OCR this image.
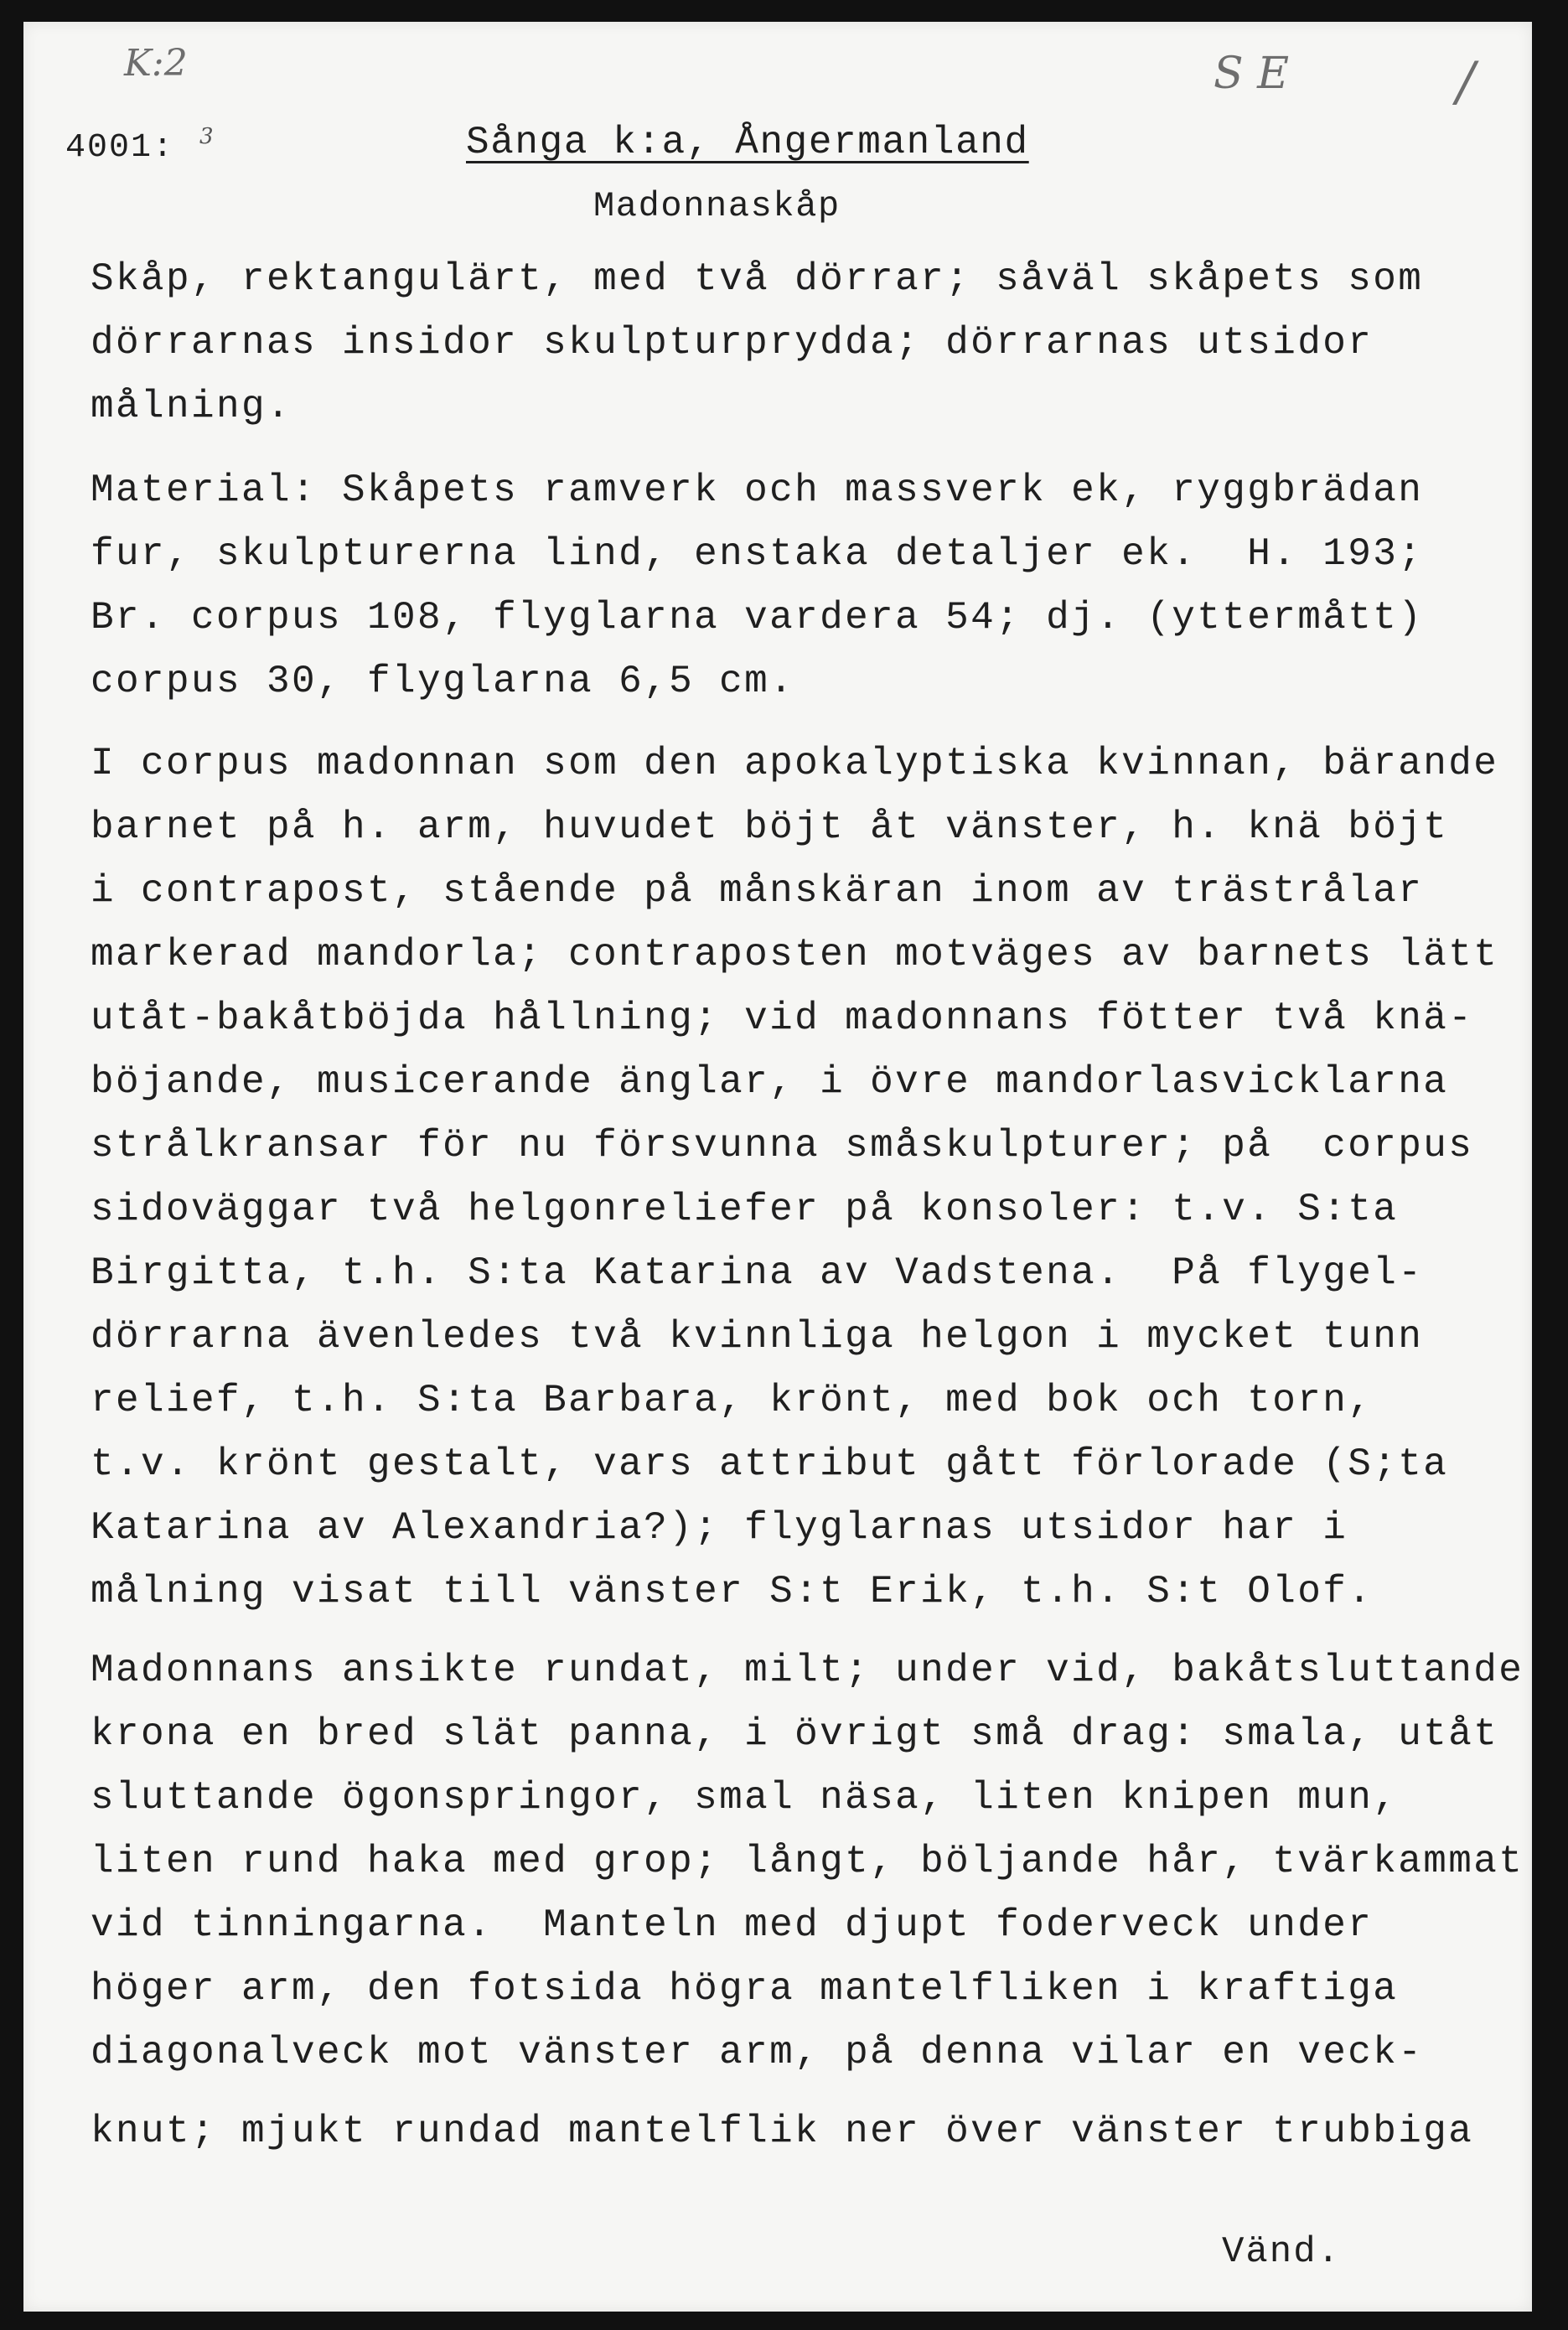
K:2	S E	/
4001: 3	Sånga k:a, Ångermanland
Madonnaskåp
Skåp, rektangulärt, med två dörrar; såväl skåpets som
dörrarnas insidor skulpturprydda; dörrarnas utsidor
målning.
Material: Skåpets ramverk och massverk ek, ryggbrädan
fur, skulpturerna lind, enstaka detaljer ek.  H. 193;
Br. corpus 108, flyglarna vardera 54; dj. (yttermått)
corpus 30, flyglarna 6,5 cm.
I corpus madonnan som den apokalyptiska kvinnan, bärande
barnet på h. arm, huvudet böjt åt vänster, h. knä böjt
i contrapost, stående på månskäran inom av trästrålar
markerad mandorla; contraposten motväges av barnets lätt
utåt-bakåtböjda hållning; vid madonnans fötter två knä-
böjande, musicerande änglar, i övre mandorlasvicklarna
strålkransar för nu försvunna småskulpturer; på  corpus
sidoväggar två helgonreliefer på konsoler: t.v. S:ta
Birgitta, t.h. S:ta Katarina av Vadstena.  På flygel-
dörrarna ävenledes två kvinnliga helgon i mycket tunn
relief, t.h. S:ta Barbara, krönt, med bok och torn,
t.v. krönt gestalt, vars attribut gått förlorade (S;ta
Katarina av Alexandria?); flyglarnas utsidor har i
målning visat till vänster S:t Erik, t.h. S:t Olof.
Madonnans ansikte rundat, milt; under vid, bakåtsluttande
krona en bred slät panna, i övrigt små drag: smala, utåt
sluttande ögonspringor, smal näsa, liten knipen mun,
liten rund haka med grop; långt, böljande hår, tvärkammat
vid tinningarna.  Manteln med djupt foderveck under
höger arm, den fotsida högra mantelfliken i kraftiga
diagonalveck mot vänster arm, på denna vilar en veck-
knut; mjukt rundad mantelflik ner över vänster trubbiga
Vänd.
